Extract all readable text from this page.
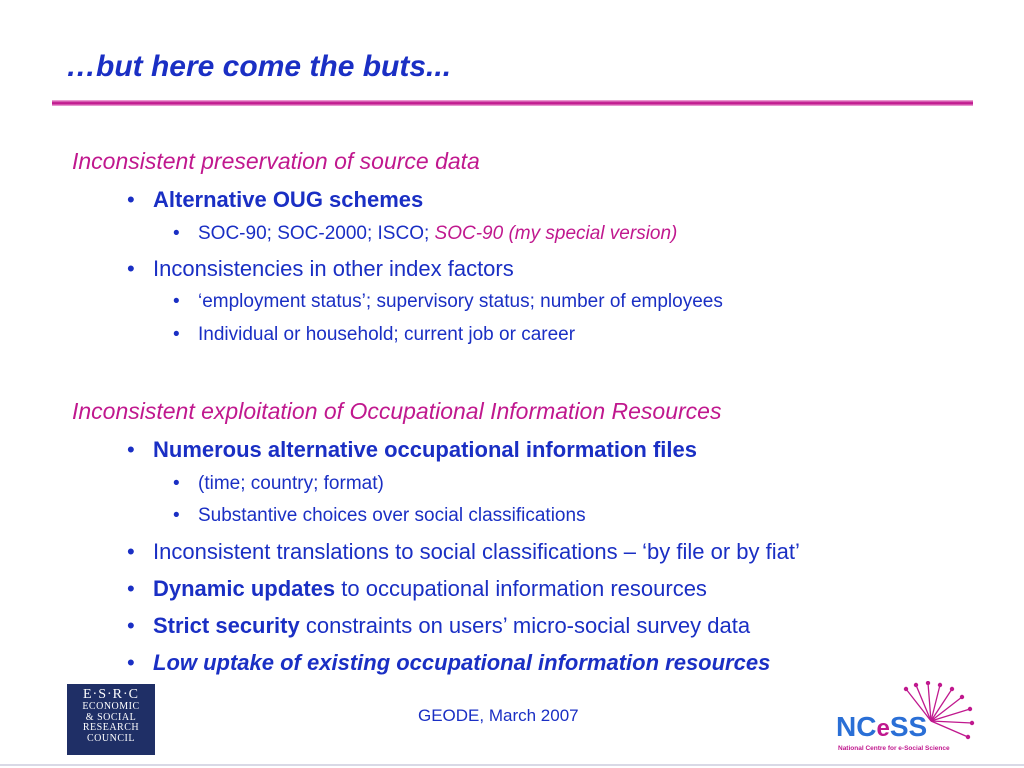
…but here come the buts...
Inconsistent preservation of source data
• Alternative OUG schemes
• SOC-90; SOC-2000; ISCO; SOC-90 (my special version)
• Inconsistencies in other index factors
• ‘employment status’; supervisory status; number of employees
• Individual or household; current job or career
Inconsistent exploitation of Occupational Information Resources
• Numerous alternative occupational information files
• (time; country; format)
• Substantive choices over social classifications
• Inconsistent translations to social classifications – ‘by file or by fiat’
• Dynamic updates to occupational information resources
• Strict security constraints on users’ micro-social survey data
• Low uptake of existing occupational information resources
E·S·R·C
ECONOMIC
& SOCIAL
RESEARCH
COUNCIL
GEODE, March 2007	NCeSS
National Centre for e-Social Science
